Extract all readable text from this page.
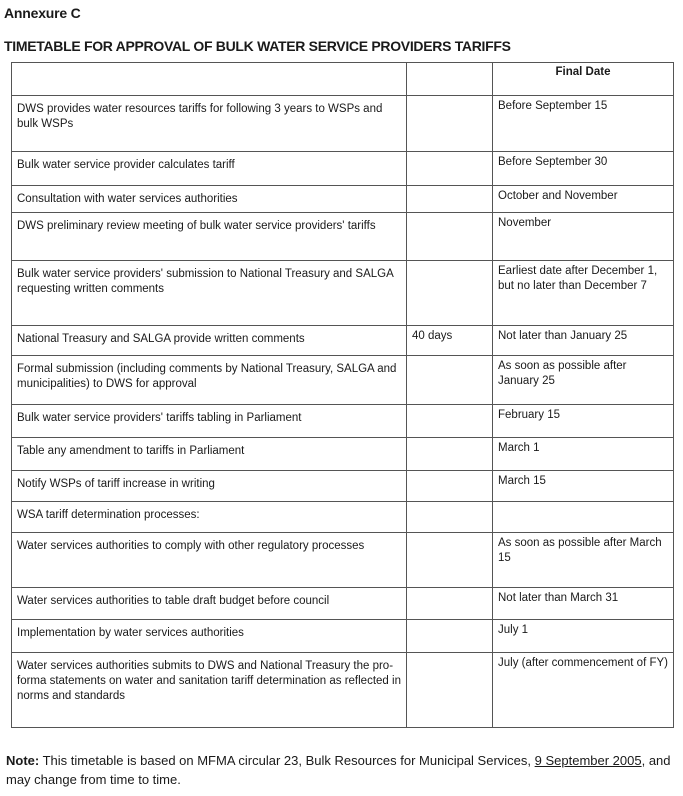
Annexure C
TIMETABLE FOR APPROVAL OF BULK WATER SERVICE PROVIDERS TARIFFS
		Final Date
DWS provides water resources tariffs for following 3 years to WSPs and bulk WSPs		Before September 15
Bulk water service provider calculates tariff		Before September 30
Consultation with water services authorities		October and November
DWS preliminary review meeting of bulk water service providers' tariffs		November
Bulk water service providers' submission to National Treasury and SALGA requesting written comments		Earliest date after December 1, but no later than December 7
National Treasury and SALGA provide written comments	40 days	Not later than January 25
Formal submission (including comments by National Treasury, SALGA and municipalities) to DWS for approval		As soon as possible after January 25
Bulk water service providers' tariffs tabling in Parliament		February 15
Table any amendment to tariffs in Parliament		March 1
Notify WSPs of tariff increase in writing		March 15
WSA tariff determination processes:		
Water services authorities to comply with other regulatory processes		As soon as possible after March 15
Water services authorities to table draft budget before council		Not later than March 31
Implementation by water services authorities		July 1
Water services authorities submits to DWS and National Treasury the pro-forma statements on water and sanitation tariff determination as reflected in norms and standards		July (after commencement of FY)
Note: This timetable is based on MFMA circular 23, Bulk Resources for Municipal Services, 9 September 2005, and may change from time to time.
